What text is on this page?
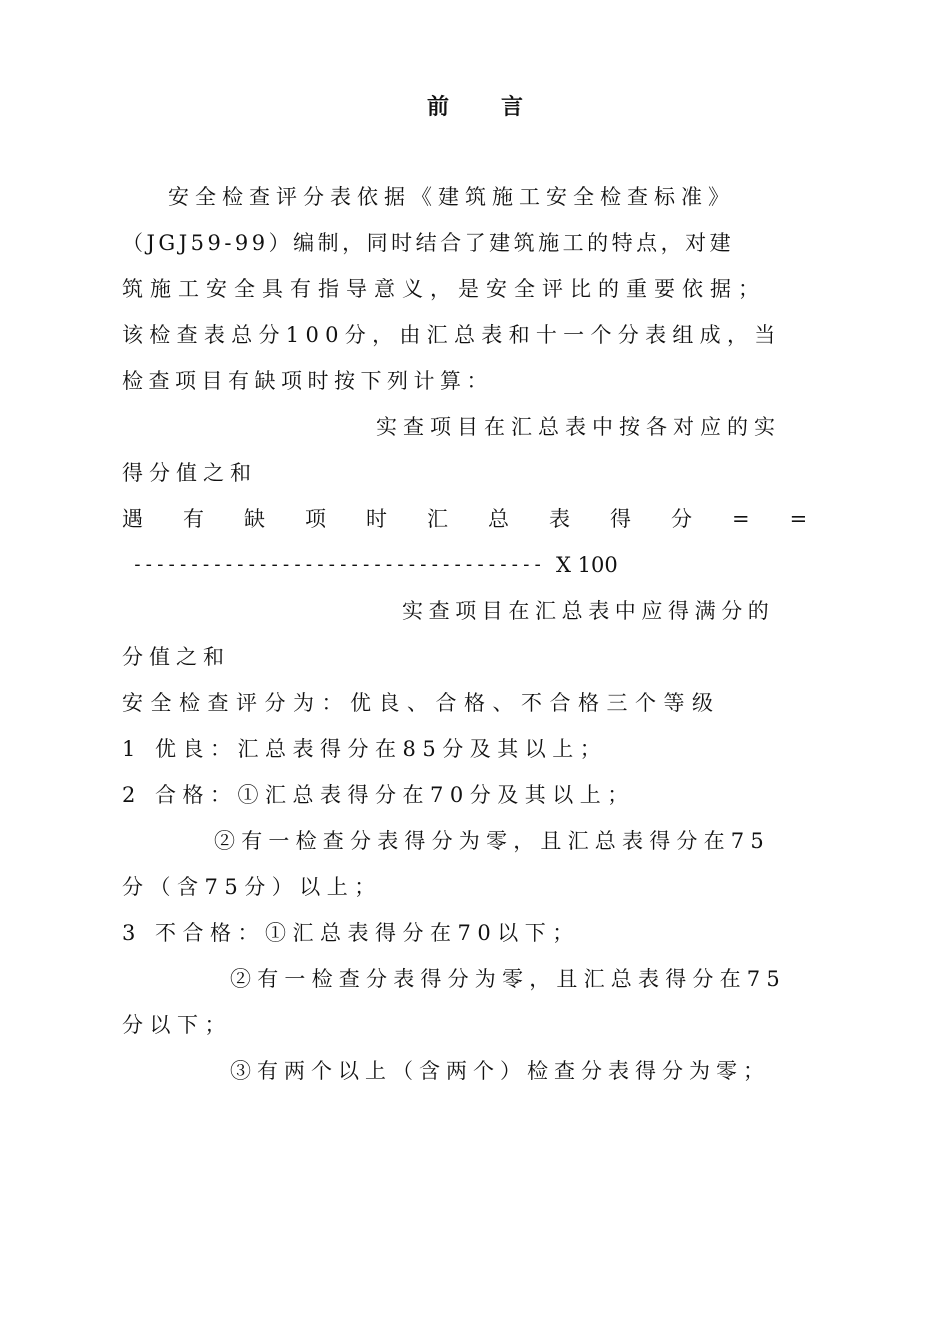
前 言
安全检查评分表依据《建筑施工安全检查标准》
（JGJ59-99）编制，同时结合了建筑施工的特点，对建
筑施工安全具有指导意义，是安全评比的重要依据；
该检查表总分100分，由汇总表和十一个分表组成，当
检查项目有缺项时按下列计算：
实查项目在汇总表中按各对应的实
得分值之和
遇有缺项时汇总表得分==
------------------------------------ X 100
实查项目在汇总表中应得满分的
分值之和
安全检查评分为：优良、合格、不合格三个等级
1 优良：汇总表得分在85分及其以上；
2 合格：①汇总表得分在70分及其以上；
②有一检查分表得分为零，且汇总表得分在75
分（含75分）以上；
3 不合格：①汇总表得分在70以下；
②有一检查分表得分为零，且汇总表得分在75
分以下；
③有两个以上（含两个）检查分表得分为零；
